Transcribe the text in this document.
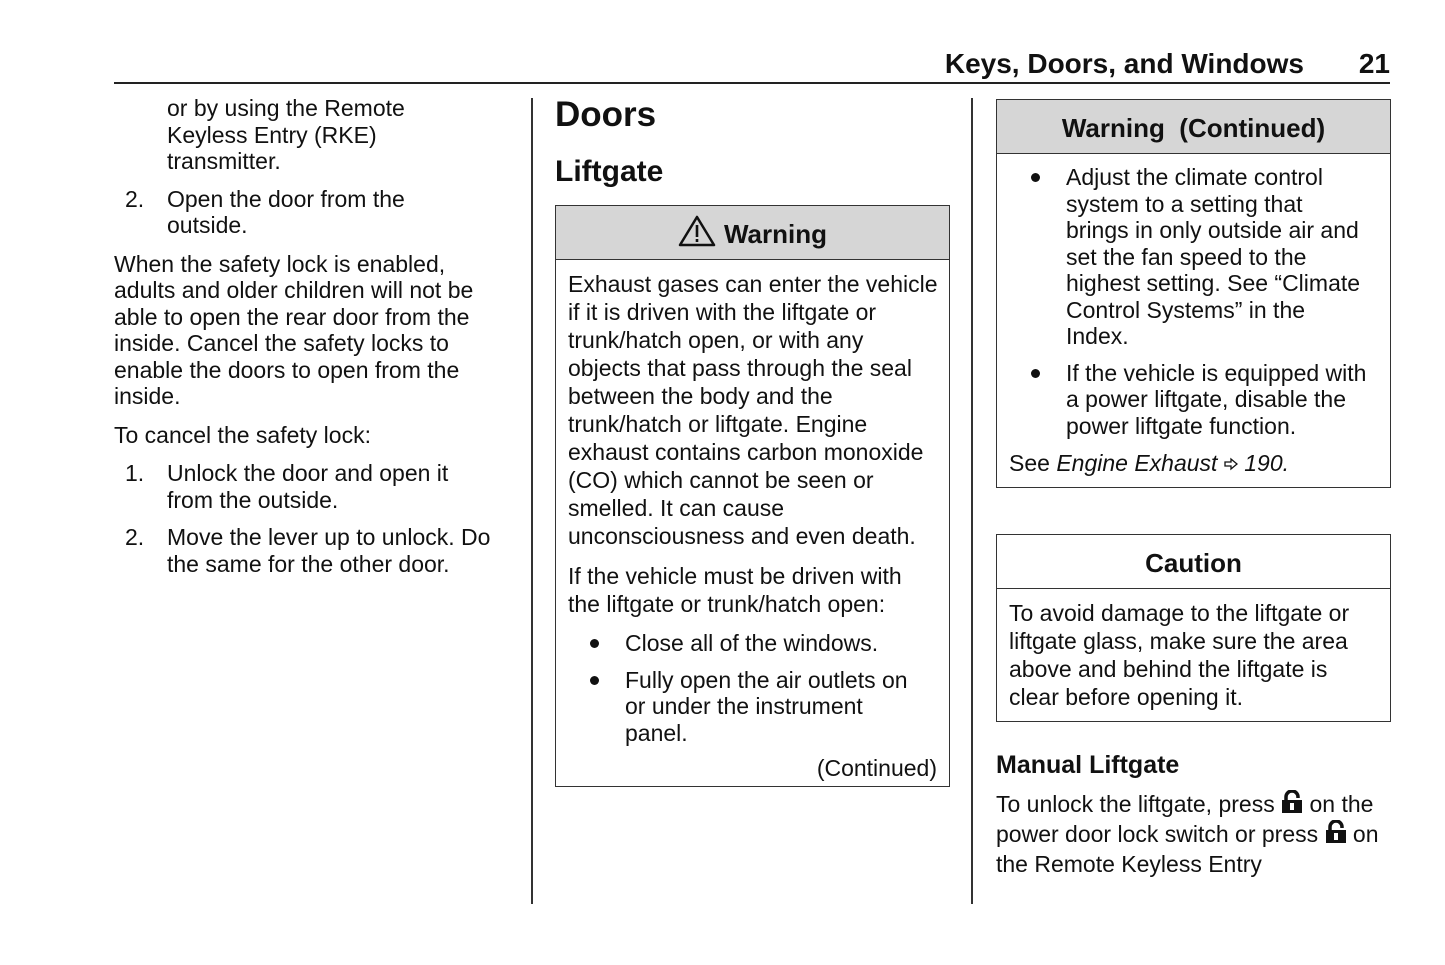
Keys, Doors, and Windows 21
or by using the Remote Keyless Entry (RKE) transmitter.
2. Open the door from the outside.

When the safety lock is enabled, adults and older children will not be able to open the rear door from the inside. Cancel the safety locks to enable the doors to open from the inside.

To cancel the safety lock:

1. Unlock the door and open it from the outside.
2. Move the lever up to unlock. Do the same for the other door.
Doors
Liftgate
Warning

Exhaust gases can enter the vehicle if it is driven with the liftgate or trunk/hatch open, or with any objects that pass through the seal between the body and the trunk/hatch or liftgate. Engine exhaust contains carbon monoxide (CO) which cannot be seen or smelled. It can cause unconsciousness and even death.

If the vehicle must be driven with the liftgate or trunk/hatch open:

Close all of the windows.
Fully open the air outlets on or under the instrument panel.
(Continued)
Warning  (Continued)
Adjust the climate control system to a setting that brings in only outside air and set the fan speed to the highest setting. See “Climate Control Systems” in the Index.
If the vehicle is equipped with a power liftgate, disable the power liftgate function.
See Engine Exhaust  190.
Caution
To avoid damage to the liftgate or liftgate glass, make sure the area above and behind the liftgate is clear before opening it.
Manual Liftgate

To unlock the liftgate, press  on the power door lock switch or press  on the Remote Keyless Entry
